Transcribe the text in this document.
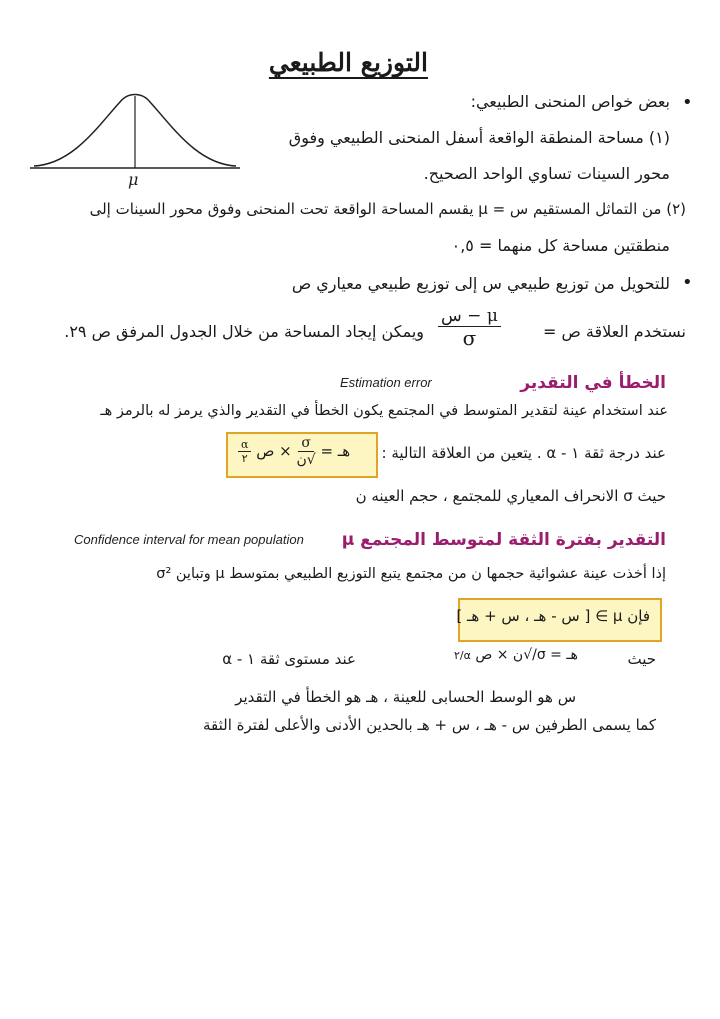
التوزيع الطبيعي
μ
•
بعض خواص المنحنى الطبيعي:
(١) مساحة المنطقة الواقعة أسفل المنحنى الطبيعي وفوق
محور السينات تساوي الواحد الصحيح.
(٢) من التماثل المستقيم س = μ يقسم المساحة الواقعة تحت المنحنى وفوق محور السينات إلى
منطقتين مساحة كل منهما = ٠,٥
•
للتحويل من توزيع طبيعي س إلى توزيع طبيعي معياري ص
نستخدم العلاقة ص =
$\frac{\text{س − μ}}{\sigma}$
ويمكن إيجاد المساحة من خلال الجدول المرفق ص ٢٩.
الخطأ في التقدير
Estimation error
عند استخدام عينة لتقدير المتوسط في المجتمع يكون الخطأ في التقدير والذي يرمز له بالرمز هـ
هـ =
$\frac{\sigma}{\text{√ن}}$
× ص
$\frac{\alpha}{٢}$	عند درجة ثقة ١ - α . يتعين من العلاقة التالية :
حيث σ الانحراف المعياري للمجتمع ، حجم العينه ن
التقدير بفترة الثقة لمتوسط المجتمع μ
Confidence interval for mean population
إذا أخذت عينة عشوائية حجمها ن من مجتمع يتبع التوزيع الطبيعي بمتوسط μ وتباين σ²
فإن μ ∋ [ س - هـ ، س + هـ ]
حيث
هـ = σ/√ن × ص α/٢
عند مستوى ثقة ١ - α
س هو الوسط الحسابى للعينة ، هـ هو الخطأ في التقدير
كما يسمى الطرفين س - هـ ، س + هـ بالحدين الأدنى والأعلى لفترة الثقة
